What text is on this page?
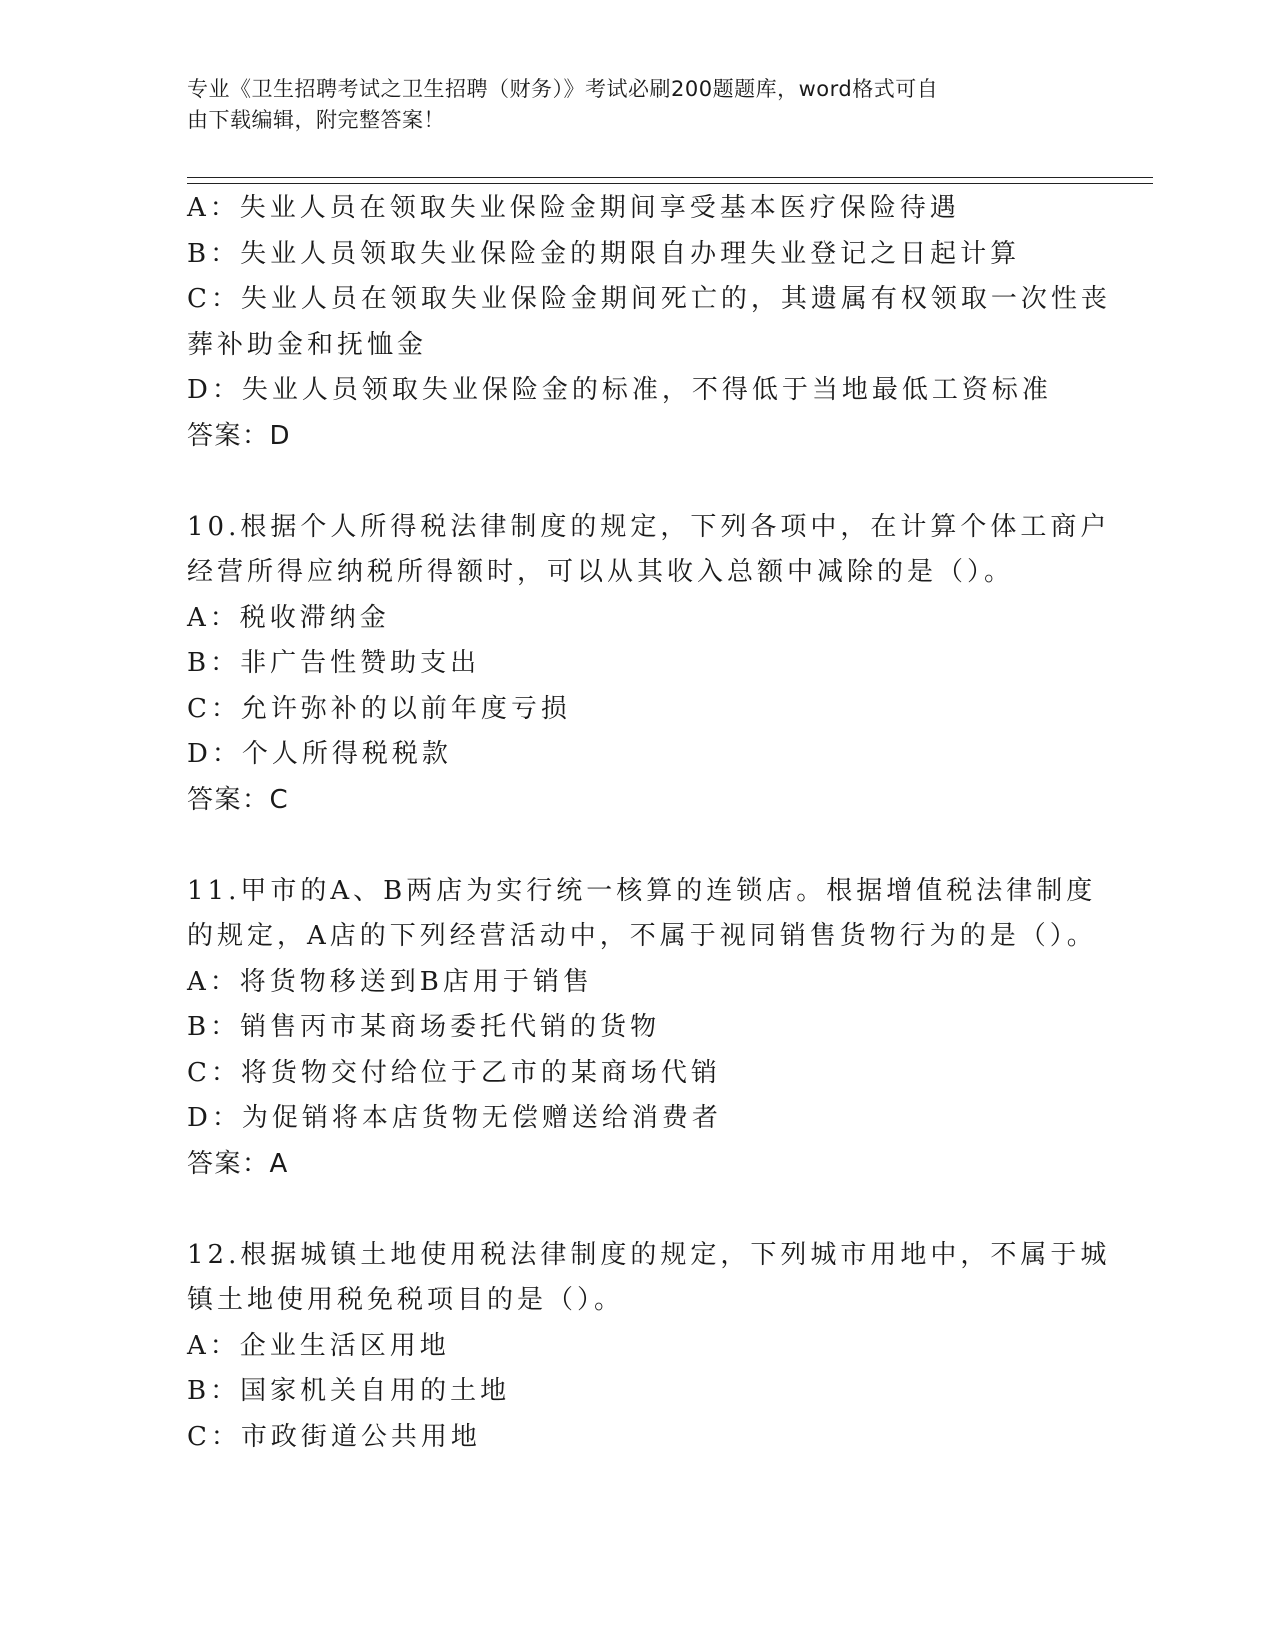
专业《卫生招聘考试之卫生招聘（财务）》考试必刷200题题库，word格式可自
由下载编辑，附完整答案！
A：失业人员在领取失业保险金期间享受基本医疗保险待遇
B：失业人员领取失业保险金的期限自办理失业登记之日起计算
C：失业人员在领取失业保险金期间死亡的，其遗属有权领取一次性丧
葬补助金和抚恤金
D：失业人员领取失业保险金的标准，不得低于当地最低工资标准
答案：D
10.根据个人所得税法律制度的规定，下列各项中，在计算个体工商户
经营所得应纳税所得额时，可以从其收入总额中减除的是（）。
A：税收滞纳金
B：非广告性赞助支出
C：允许弥补的以前年度亏损
D：个人所得税税款
答案：C
11.甲市的A、B两店为实行统一核算的连锁店。根据增值税法律制度
的规定，A店的下列经营活动中，不属于视同销售货物行为的是（）。
A：将货物移送到B店用于销售
B：销售丙市某商场委托代销的货物
C：将货物交付给位于乙市的某商场代销
D：为促销将本店货物无偿赠送给消费者
答案：A
12.根据城镇土地使用税法律制度的规定，下列城市用地中，不属于城
镇土地使用税免税项目的是（）。
A：企业生活区用地
B：国家机关自用的土地
C：市政街道公共用地
